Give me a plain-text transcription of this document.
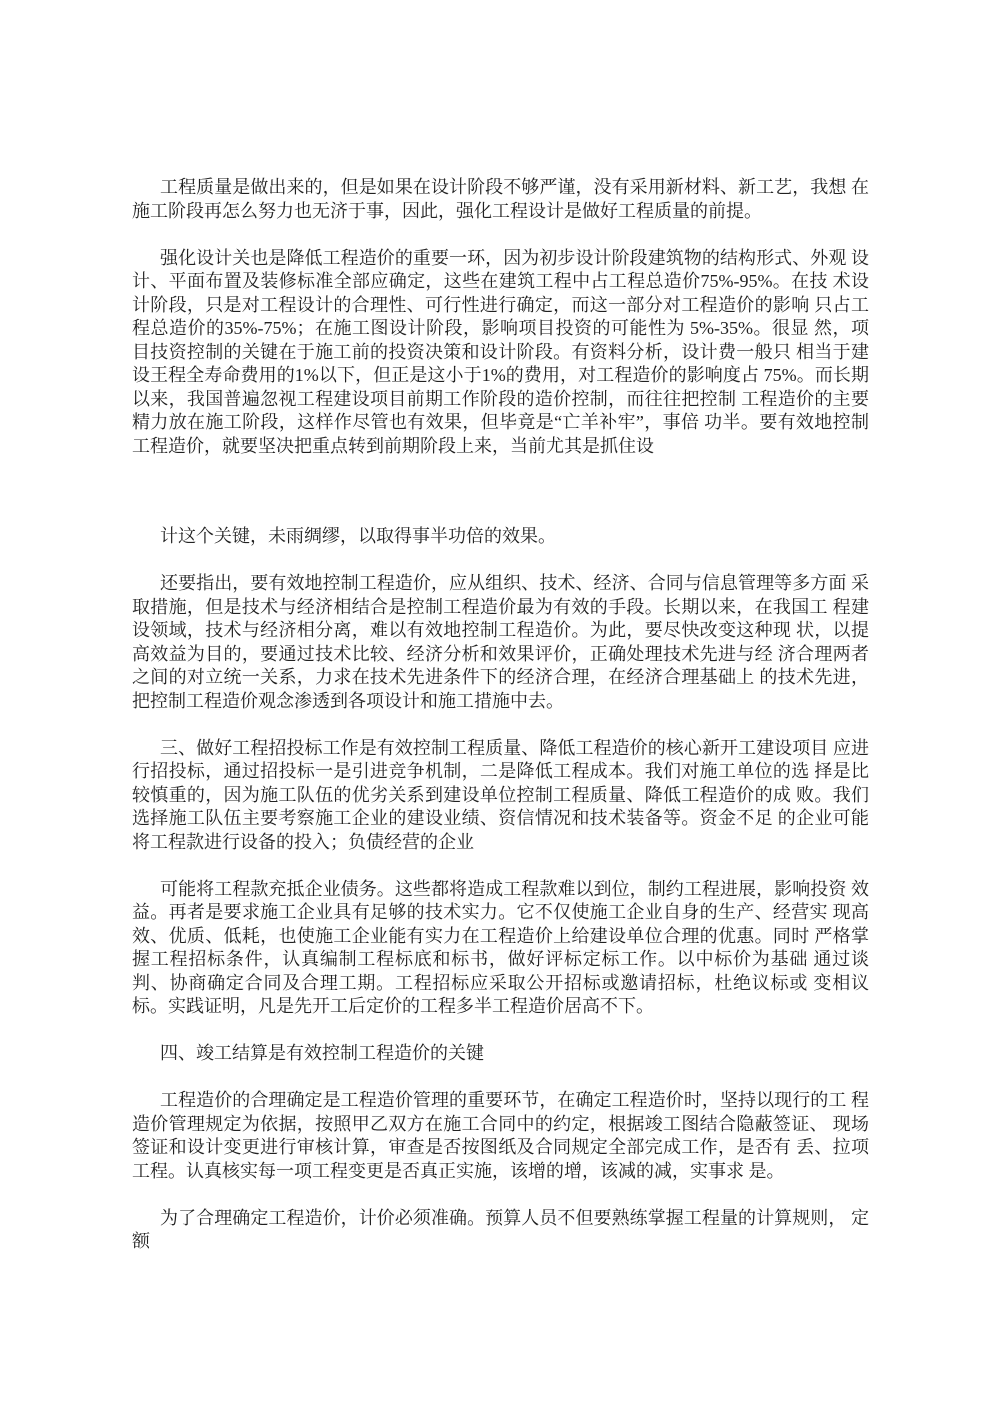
工程质量是做出来的，但是如果在设计阶段不够严谨，没有采用新材料、新工艺，我想 在施工阶段再怎么努力也无济于事，因此，强化工程设计是做好工程质量的前提。

强化设计关也是降低工程造价的重要一环，因为初步设计阶段建筑物的结构形式、外观 设计、平面布置及装修标准全部应确定，这些在建筑工程中占工程总造价75%-95%。在技 术设计阶段，只是对工程设计的合理性、可行性进行确定，而这一部分对工程造价的影响 只占工程总造价的35%-75%；在施工图设计阶段，影响项目投资的可能性为 5%-35%。很显 然，项目技资控制的关键在于施工前的投资决策和设计阶段。有资料分析，设计费一般只 相当于建设王程全寿命费用的1%以下，但正是这小于1%的费用，对工程造价的影响度占 75%。而长期以来，我国普遍忽视工程建设项目前期工作阶段的造价控制，而往往把控制 工程造价的主要精力放在施工阶段，这样作尽管也有效果，但毕竟是“亡羊补牢”，事倍 功半。要有效地控制工程造价，就要坚决把重点转到前期阶段上来，当前尤其是抓住设

计这个关键，未雨绸缪，以取得事半功倍的效果。

还要指出，要有效地控制工程造价，应从组织、技术、经济、合同与信息管理等多方面 采取措施，但是技术与经济相结合是控制工程造价最为有效的手段。长期以来，在我国工 程建设领域，技术与经济相分离，难以有效地控制工程造价。为此，要尽快改变这种现 状，以提高效益为目的，要通过技术比较、经济分析和效果评价，正确处理技术先进与经 济合理两者之间的对立统一关系，力求在技术先进条件下的经济合理，在经济合理基础上 的技术先进，把控制工程造价观念渗透到各项设计和施工措施中去。

三、做好工程招投标工作是有效控制工程质量、降低工程造价的核心新开工建设项目 应进行招投标，通过招投标一是引进竞争机制，二是降低工程成本。我们对施工单位的选 择是比较慎重的，因为施工队伍的优劣关系到建设单位控制工程质量、降低工程造价的成 败。我们选择施工队伍主要考察施工企业的建设业绩、资信情况和技术装备等。资金不足 的企业可能将工程款进行设备的投入；负债经营的企业

可能将工程款充抵企业债务。这些都将造成工程款难以到位，制约工程进展，影响投资 效益。再者是要求施工企业具有足够的技术实力。它不仅使施工企业自身的生产、经营实 现高效、优质、低耗，也使施工企业能有实力在工程造价上给建设单位合理的优惠。同时 严格掌握工程招标条件，认真编制工程标底和标书，做好评标定标工作。以中标价为基础 通过谈判、协商确定合同及合理工期。工程招标应采取公开招标或邀请招标，杜绝议标或 变相议标。实践证明，凡是先开工后定价的工程多半工程造价居高不下。

四、竣工结算是有效控制工程造价的关键

工程造价的合理确定是工程造价管理的重要环节，在确定工程造价时，坚持以现行的工 程造价管理规定为依据，按照甲乙双方在施工合同中的约定，根据竣工图结合隐蔽签证、 现场签证和设计变更进行审核计算，审查是否按图纸及合同规定全部完成工作，是否有 丢、拉项工程。认真核实每一项工程变更是否真正实施，该增的增，该减的减，实事求 是。

为了合理确定工程造价，计价必须准确。预算人员不但要熟练掌握工程量的计算规则， 定额
